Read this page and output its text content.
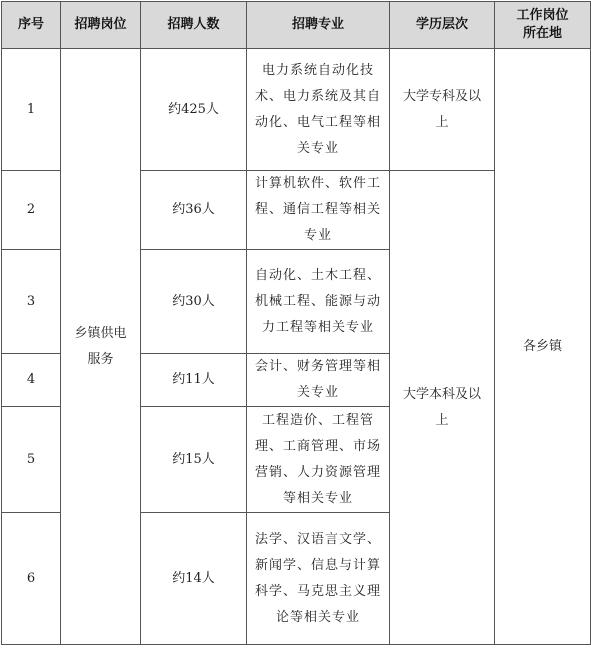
序号	招聘岗位	招聘人数	招聘专业	学历层次	工作岗位所在地
1	乡镇供电服务	约425人	电力系统自动化技术、电力系统及其自动化、电气工程等相关专业	大学专科及以上	各乡镇
2		约36人	计算机软件、软件工程、通信工程等相关专业	大学本科及以上	
3		约30人	自动化、土木工程、机械工程、能源与动力工程等相关专业		
4		约11人	会计、财务管理等相关专业		
5		约15人	工程造价、工程管理、工商管理、市场营销、人力资源管理等相关专业		
6		约14人	法学、汉语言文学、新闻学、信息与计算科学、马克思主义理论等相关专业		
